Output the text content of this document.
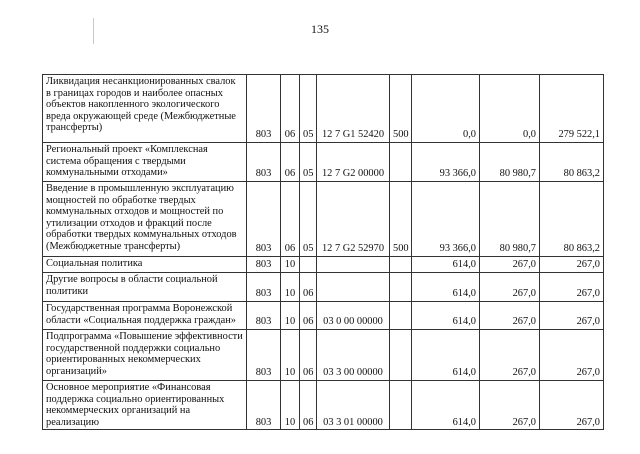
135
Ликвидация несанкционированных свалок в границах городов и наиболее опасных объектов накопленного экологического вреда окружающей среде (Межбюджетные трансферты)	803	06	05	12 7 G1 52420	500	0,0	0,0	279 522,1
Региональный проект «Комплексная система обращения с твердыми коммунальными отходами»	803	06	05	12 7 G2 00000		93 366,0	80 980,7	80 863,2
Введение в промышленную эксплуатацию мощностей по обработке твердых коммунальных отходов и мощностей по утилизации отходов и фракций после обработки твердых коммунальных отходов (Межбюджетные трансферты)	803	06	05	12 7 G2 52970	500	93 366,0	80 980,7	80 863,2
Социальная политика	803	10				614,0	267,0	267,0
Другие вопросы в области социальной политики	803	10	06			614,0	267,0	267,0
Государственная программа Воронежской области «Социальная поддержка граждан»	803	10	06	03 0 00 00000		614,0	267,0	267,0
Подпрограмма «Повышение эффективности государственной поддержки социально ориентированных некоммерческих организаций»	803	10	06	03 3 00 00000		614,0	267,0	267,0
Основное мероприятие «Финансовая поддержка социально ориентированных некоммерческих организаций на реализацию	803	10	06	03 3 01 00000		614,0	267,0	267,0
